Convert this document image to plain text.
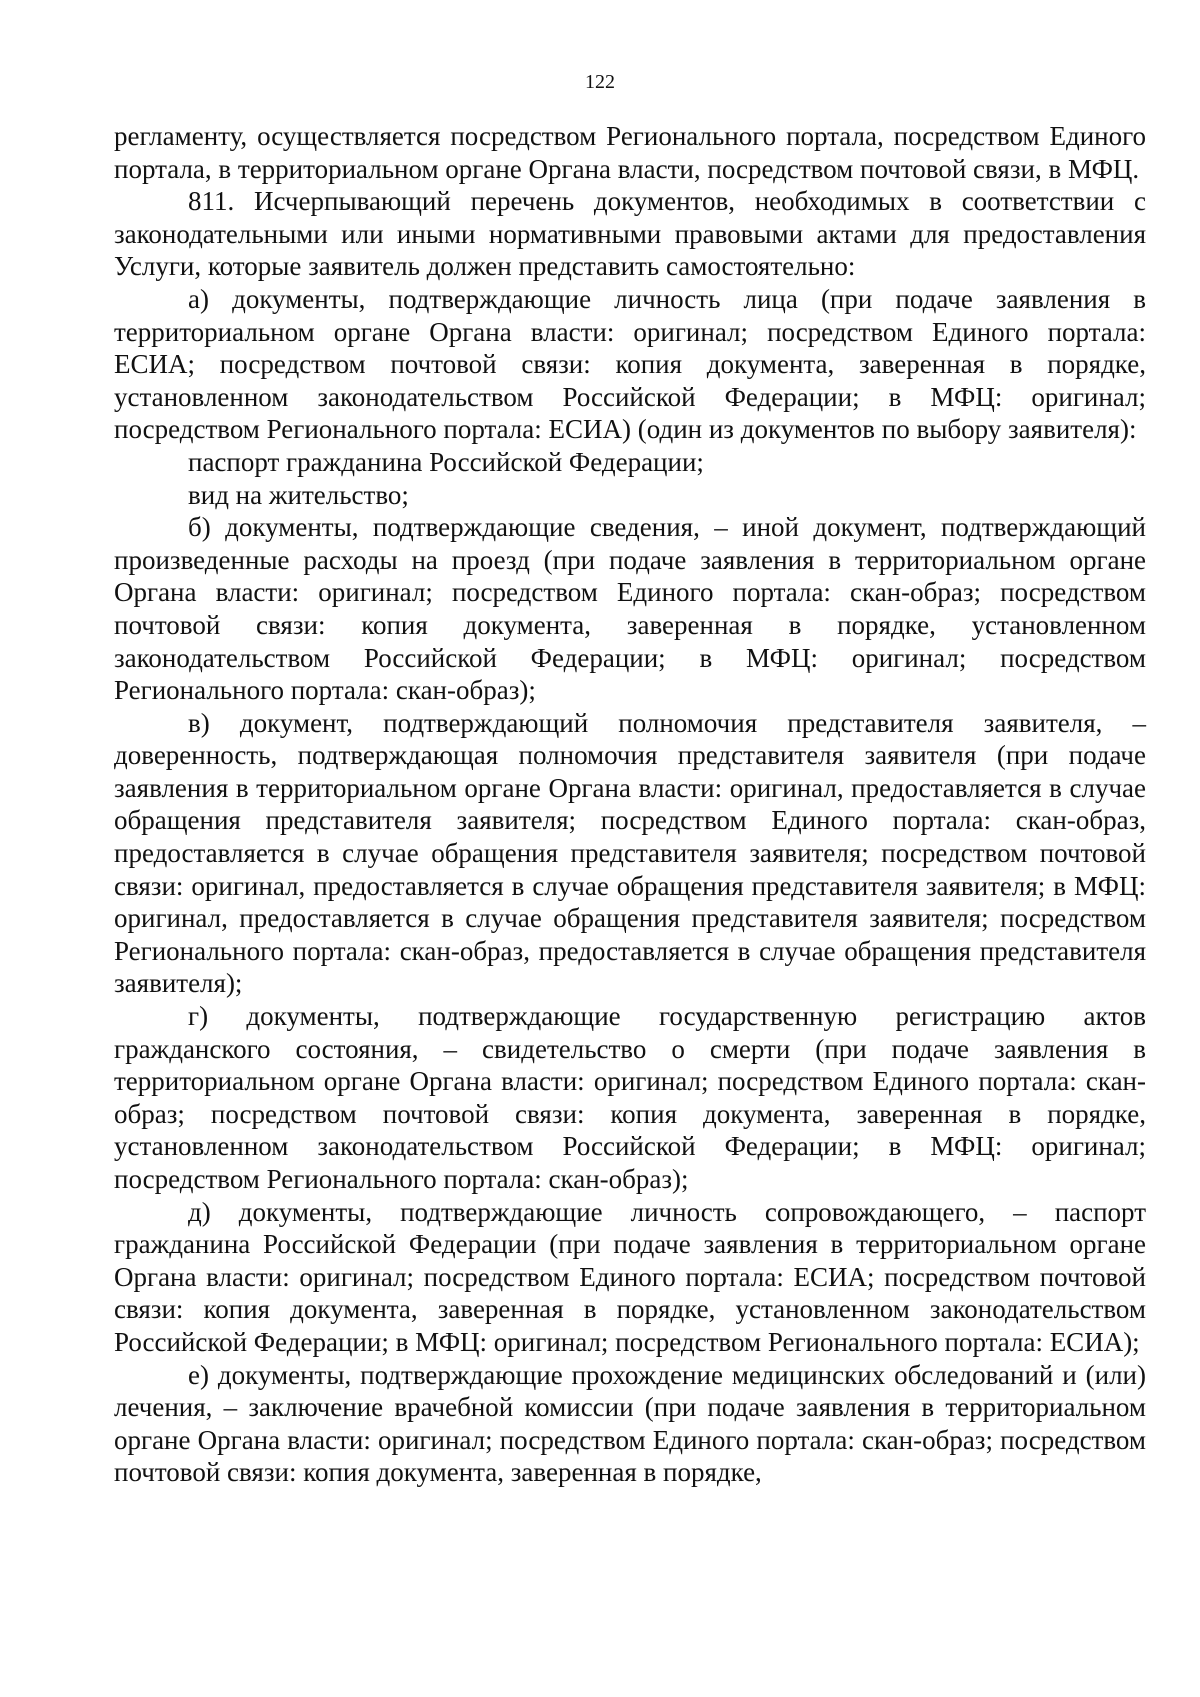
122

регламенту, осуществляется посредством Регионального портала, посредством Единого портала, в территориальном органе Органа власти, посредством почтовой связи, в МФЦ.

811. Исчерпывающий перечень документов, необходимых в соответствии с законодательными или иными нормативными правовыми актами для предоставления Услуги, которые заявитель должен представить самостоятельно:

а) документы, подтверждающие личность лица (при подаче заявления в территориальном органе Органа власти: оригинал; посредством Единого портала: ЕСИА; посредством почтовой связи: копия документа, заверенная в порядке, установленном законодательством Российской Федерации; в МФЦ: оригинал; посредством Регионального портала: ЕСИА) (один из документов по выбору заявителя):

паспорт гражданина Российской Федерации;

вид на жительство;

б) документы, подтверждающие сведения, – иной документ, подтверждающий произведенные расходы на проезд (при подаче заявления в территориальном органе Органа власти: оригинал; посредством Единого портала: скан-образ; посредством почтовой связи: копия документа, заверенная в порядке, установленном законодательством Российской Федерации; в МФЦ: оригинал; посредством Регионального портала: скан-образ);

в) документ, подтверждающий полномочия представителя заявителя, – доверенность, подтверждающая полномочия представителя заявителя (при подаче заявления в территориальном органе Органа власти: оригинал, предоставляется в случае обращения представителя заявителя; посредством Единого портала: скан-образ, предоставляется в случае обращения представителя заявителя; посредством почтовой связи: оригинал, предоставляется в случае обращения представителя заявителя; в МФЦ: оригинал, предоставляется в случае обращения представителя заявителя; посредством Регионального портала: скан-образ, предоставляется в случае обращения представителя заявителя);

г) документы, подтверждающие государственную регистрацию актов гражданского состояния, – свидетельство о смерти (при подаче заявления в территориальном органе Органа власти: оригинал; посредством Единого портала: скан-образ; посредством почтовой связи: копия документа, заверенная в порядке, установленном законодательством Российской Федерации; в МФЦ: оригинал; посредством Регионального портала: скан-образ);

д) документы, подтверждающие личность сопровождающего, – паспорт гражданина Российской Федерации (при подаче заявления в территориальном органе Органа власти: оригинал; посредством Единого портала: ЕСИА; посредством почтовой связи: копия документа, заверенная в порядке, установленном законодательством Российской Федерации; в МФЦ: оригинал; посредством Регионального портала: ЕСИА);

е) документы, подтверждающие прохождение медицинских обследований и (или) лечения, – заключение врачебной комиссии (при подаче заявления в территориальном органе Органа власти: оригинал; посредством Единого портала: скан-образ; посредством почтовой связи: копия документа, заверенная в порядке,
